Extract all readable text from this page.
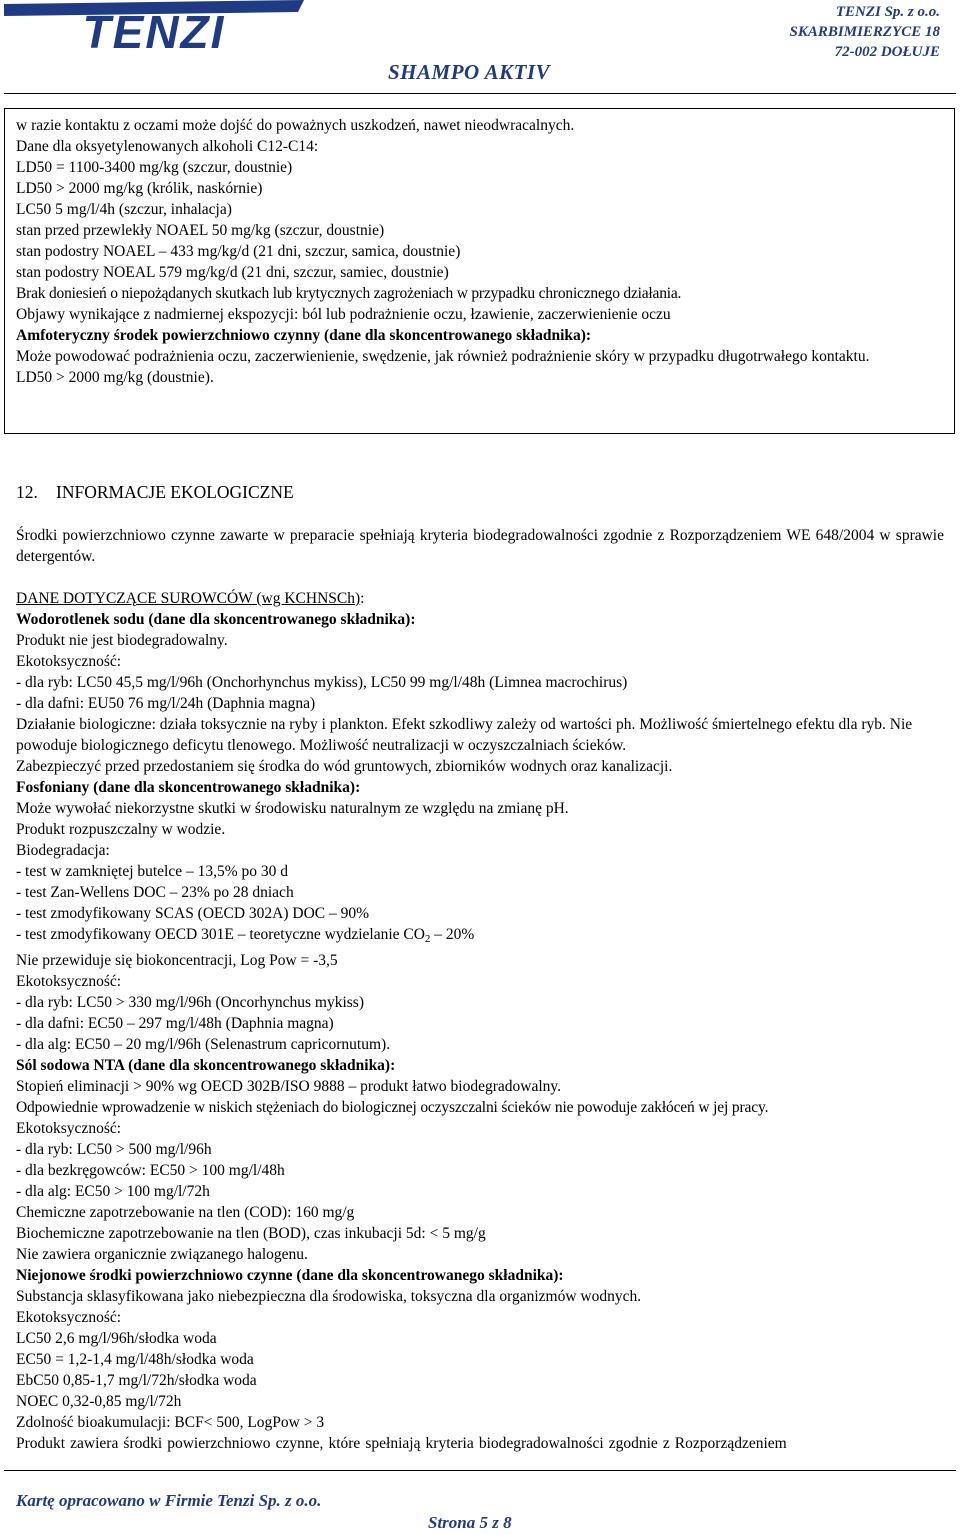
TENZI	TENZI Sp. z o.o.
SKARBIMIERZYCE 18
72-002 DOŁUJE
SHAMPO AKTIV
w razie kontaktu z oczami może dojść do poważnych uszkodzeń, nawet nieodwracalnych.
Dane dla oksyetylenowanych alkoholi C12-C14:
LD50 = 1100-3400 mg/kg (szczur, doustnie)
LD50 > 2000 mg/kg (królik, naskórnie)
LC50 5 mg/l/4h (szczur, inhalacja)
stan przed przewlekły NOAEL 50 mg/kg (szczur, doustnie)
stan podostry NOAEL – 433 mg/kg/d (21 dni, szczur, samica, doustnie)
stan podostry NOEAL 579 mg/kg/d (21 dni, szczur, samiec, doustnie)
Brak doniesień o niepożądanych skutkach lub krytycznych zagrożeniach w przypadku chronicznego działania.
Objawy wynikające z nadmiernej ekspozycji: ból lub podrażnienie oczu, łzawienie, zaczerwienienie oczu
Amfoteryczny środek powierzchniowo czynny (dane dla skoncentrowanego składnika):
Może powodować podrażnienia oczu, zaczerwienienie, swędzenie, jak również podrażnienie skóry w przypadku długotrwałego kontaktu.
LD50 > 2000 mg/kg (doustnie).
12. INFORMACJE EKOLOGICZNE
Środki powierzchniowo czynne zawarte w preparacie spełniają kryteria biodegradowalności zgodnie z Rozporządzeniem WE 648/2004 w sprawie detergentów.
DANE DOTYCZĄCE SUROWCÓW (wg KCHNSCh):
Wodorotlenek sodu (dane dla skoncentrowanego składnika):
Produkt nie jest biodegradowalny.
Ekotoksyczność:
- dla ryb: LC50 45,5 mg/l/96h (Onchorhynchus mykiss), LC50 99 mg/l/48h (Limnea macrochirus)
- dla dafni: EU50 76 mg/l/24h (Daphnia magna)
Działanie biologiczne: działa toksycznie na ryby i plankton. Efekt szkodliwy zależy od wartości ph. Możliwość śmiertelnego efektu dla ryb. Nie powoduje biologicznego deficytu tlenowego. Możliwość neutralizacji w oczyszczalniach ścieków.
Zabezpieczyć przed przedostaniem się środka do wód gruntowych, zbiorników wodnych oraz kanalizacji.
Fosfoniany (dane dla skoncentrowanego składnika):
Może wywołać niekorzystne skutki w środowisku naturalnym ze względu na zmianę pH.
Produkt rozpuszczalny w wodzie.
Biodegradacja:
- test w zamkniętej butelce – 13,5% po 30 d
- test Zan-Wellens DOC – 23% po 28 dniach
- test zmodyfikowany SCAS (OECD 302A) DOC – 90%
- test zmodyfikowany OECD 301E – teoretyczne wydzielanie $CO_2 - 20\%$
Nie przewiduje się biokoncentracji, Log Pow = -3,5
Ekotoksyczność:
- dla ryb: LC50 > 330 mg/l/96h (Oncorhynchus mykiss)
- dla dafni: EC50 – 297 mg/l/48h (Daphnia magna)
- dla alg: EC50 – 20 mg/l/96h (Selenastrum capricornutum).
Sól sodowa NTA (dane dla skoncentrowanego składnika):
Stopień eliminacji > 90% wg OECD 302B/ISO 9888 – produkt łatwo biodegradowalny.
Odpowiednie wprowadzenie w niskich stężeniach do biologicznej oczyszczalni ścieków nie powoduje zakłóceń w jej pracy.
Ekotoksyczność:
- dla ryb: LC50 > 500 mg/l/96h
- dla bezkręgowców: EC50 > 100 mg/l/48h
- dla alg: EC50 > 100 mg/l/72h
Chemiczne zapotrzebowanie na tlen (COD): 160 mg/g
Biochemiczne zapotrzebowanie na tlen (BOD), czas inkubacji 5d: < 5 mg/g
Nie zawiera organicznie związanego halogenu.
Niejonowe środki powierzchniowo czynne (dane dla skoncentrowanego składnika):
Substancja sklasyfikowana jako niebezpieczna dla środowiska, toksyczna dla organizmów wodnych.
Ekotoksyczność:
LC50 2,6 mg/l/96h/słodka woda
EC50 = 1,2-1,4 mg/l/48h/słodka woda
EbC50 0,85-1,7 mg/l/72h/słodka woda
NOEC 0,32-0,85 mg/l/72h
Zdolność bioakumulacji: BCF< 500, LogPow > 3
Produkt zawiera środki powierzchniowo czynne, które spełniają kryteria biodegradowalności zgodnie z Rozporządzeniem
Kartę opracowano w Firmie Tenzi Sp. z o.o.
Strona 5 z 8
